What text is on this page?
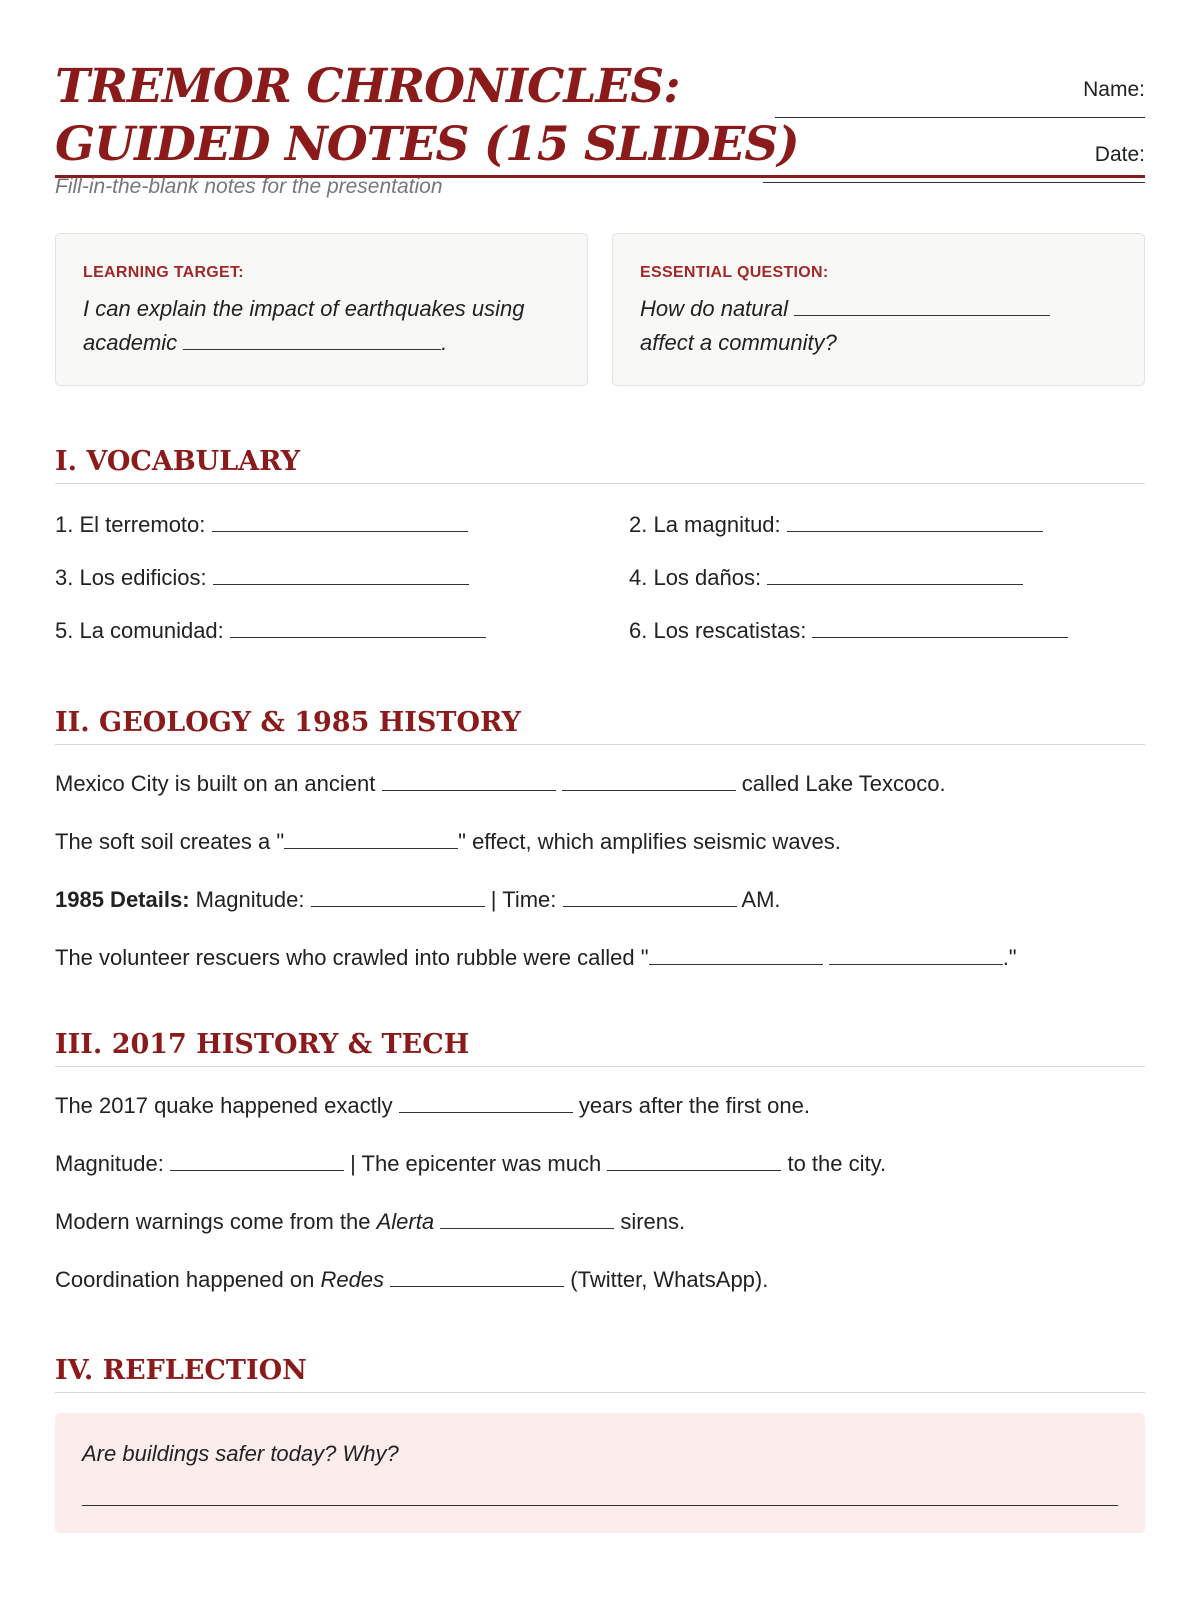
TREMOR CHRONICLES:
GUIDED NOTES (15 SLIDES)
Fill-in-the-blank notes for the presentation
Name:
Date:
LEARNING TARGET:
I can explain the impact of earthquakes using academic	.
ESSENTIAL QUESTION:
How do natural
affect a community?
I. VOCABULARY
1. El terremoto:	2. La magnitud:
3. Los edificios:	4. Los daños:
5. La comunidad:	6. Los rescatistas:
II. GEOLOGY & 1985 HISTORY
Mexico City is built on an ancient	called Lake Texcoco.
The soft soil creates a "	" effect, which amplifies seismic waves.
1985 Details: Magnitude:	| Time:	AM.
The volunteer rescuers who crawled into rubble were called "	."
III. 2017 HISTORY & TECH
The 2017 quake happened exactly	years after the first one.
Magnitude:	| The epicenter was much	to the city.
Modern warnings come from the Alerta	sirens.
Coordination happened on Redes	(Twitter, WhatsApp).
IV. REFLECTION
Are buildings safer today? Why?
